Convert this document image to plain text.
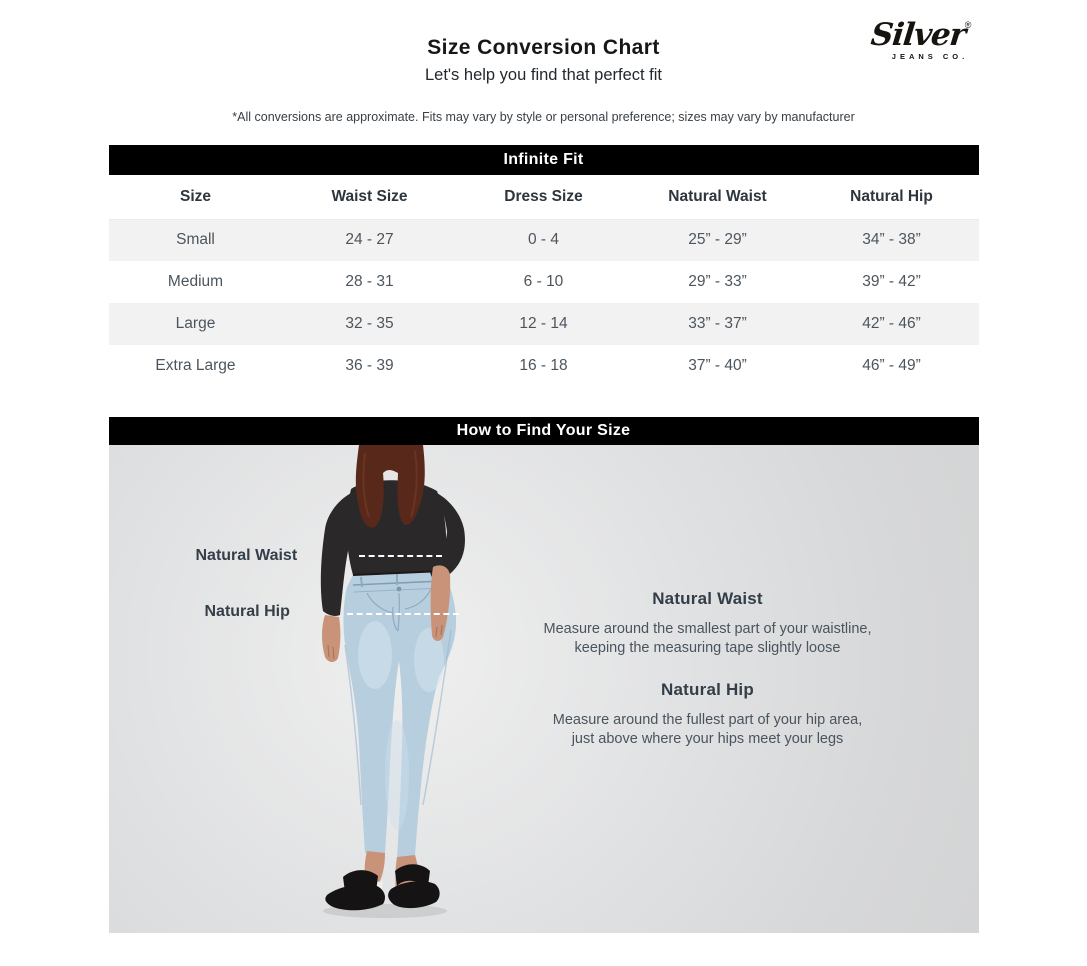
Size Conversion Chart
Let's help you find that perfect fit
Silver®
JEANS CO.
*All conversions are approximate. Fits may vary by style or personal preference; sizes may vary by manufacturer
Infinite Fit
Size	Waist Size	Dress Size	Natural Waist	Natural Hip
Small	24 - 27	0 - 4	25” - 29”	34” - 38”
Medium	28 - 31	6 - 10	29” - 33”	39” - 42”
Large	32 - 35	12 - 14	33” - 37”	42” - 46”
Extra Large	36 - 39	16 - 18	37” - 40”	46” - 49”
How to Find Your Size
Natural Waist
Natural Hip
Natural Waist

Measure around the smallest part of your waistline,
keeping the measuring tape slightly loose

Natural Hip

Measure around the fullest part of your hip area,
just above where your hips meet your legs
